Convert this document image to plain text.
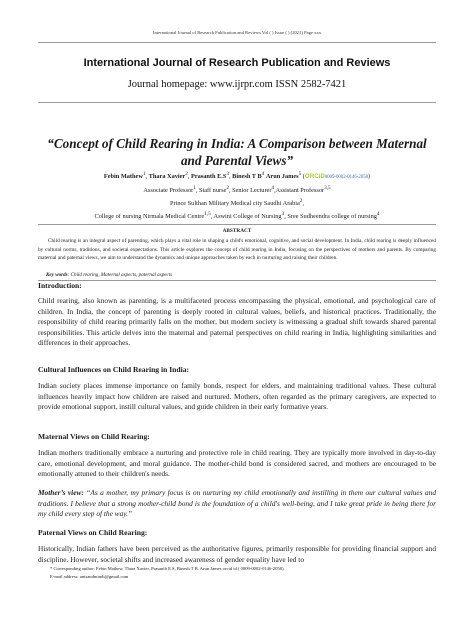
International Journal of Research Publication and Reviews Vol ( ) Issue ( ) (2021) Page xxx
International Journal of Research Publication and Reviews
Journal homepage: www.ijrpr.com ISSN 2582-7421
“Concept of Child Rearing in India: A Comparison between Maternal and Parental Views”
Febin Mathew$^1$, Thara Xavier$^2$, Prasanth $E.S^3$, Binesh T $B^4$ Arun James$^5$ (ORCiD0009-0002-0146-2058)
Associate Professor$^1$, Staff nurse$^2$, Senior Lecturer$^4$,Assistant Professor$^{3,5}$
Prince Sulthan Military Medical city Saudhi Arabia$^2$,
College of nursing Nirmala Medical Centre$^{1,5}$, Aswini College of Nursing$^3$, Sree Sudheendra college of nursing$^4$
ABSTRACT
Child rearing is an integral aspect of parenting, which plays a vital role in shaping a child's emotional, cognitive, and social development. In India, child rearing is deeply influenced by cultural norms, traditions, and societal expectations. This article explores the concept of child rearing in India, focusing on the perspectives of mothers and parents. By comparing maternal and paternal views, we aim to understand the dynamics and unique approaches taken by each in nurturing and raising their children.
Key words: Child rearing, Maternal aspects, paternal aspects
Introduction:
Child rearing, also known as parenting, is a multifaceted process encompassing the physical, emotional, and psychological care of children. In India, the concept of parenting is deeply rooted in cultural values, beliefs, and historical practices. Traditionally, the responsibility of child rearing primarily falls on the mother, but modern society is witnessing a gradual shift towards shared parental responsibilities. This article delves into the maternal and paternal perspectives on child rearing in India, highlighting similarities and differences in their approaches.
Cultural Influences on Child Rearing in India:
Indian society places immense importance on family bonds, respect for elders, and maintaining traditional values. These cultural influences heavily impact how children are raised and nurtured. Mothers, often regarded as the primary caregivers, are expected to provide emotional support, instill cultural values, and guide children in their early formative years.
Maternal Views on Child Rearing:
Indian mothers traditionally embrace a nurturing and protective role in child rearing. They are typically more involved in day-to-day care, emotional development, and moral guidance. The mother-child bond is considered sacred, and mothers are encouraged to be emotionally attuned to their children's needs.
Mother’s view: “As a mother, my primary focus is on nurturing my child emotionally and instilling in them our cultural values and traditions. I believe that a strong mother-child bond is the foundation of a child's well-being, and I take great pride in being there for my child every step of the way.”
Paternal Views on Child Rearing:
Historically, Indian fathers have been perceived as the authoritative figures, primarily responsible for providing financial support and discipline. However, societal shifts and increased awareness of gender equality have led to
* Corresponding author: Febin Mathew, Thara Xavier, Prasanth E.S, Binesh T B, Arun James orcid id ( 0009-0002-0146-2058).
E-mail address: anisandmindi@gmail.com
